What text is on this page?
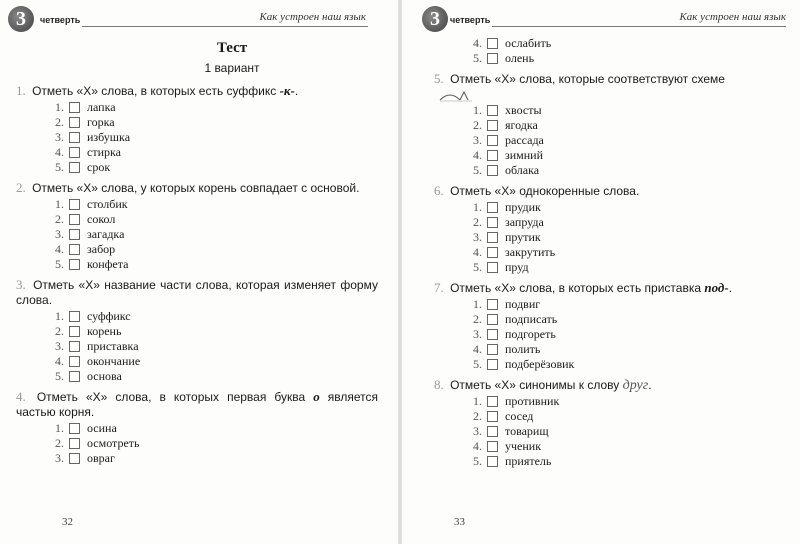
3	четверть	Как устроен наш язык
Тест
1 вариант
1. Отметь «Х» слова, в которых есть суффикс -к-.
1. лапка
2. горка
3. избушка
4. стирка
5. срок
2. Отметь «Х» слова, у которых корень совпадает с основой.
1. столбик
2. сокол
3. загадка
4. забор
5. конфета
3. Отметь «Х» название части слова, которая изменяет форму слова.
1. суффикс
2. корень
3. приставка
4. окончание
5. основа
4. Отметь «Х» слова, в которых первая буква о является частью корня.
1. осина
2. осмотреть
3. овраг
32
3	четверть	Как устроен наш язык
4. ослабить
5. олень
5. Отметь «Х» слова, которые соответствуют схеме

1. хвосты
2. ягодка
3. рассада
4. зимний
5. облака
6. Отметь «Х» однокоренные слова.
1. прудик
2. запруда
3. прутик
4. закрутить
5. пруд
7. Отметь «Х» слова, в которых есть приставка под-.
1. подвиг
2. подписать
3. подгореть
4. полить
5. подберёзовик
8. Отметь «Х» синонимы к слову друг.
1. противник
2. сосед
3. товарищ
4. ученик
5. приятель
33
